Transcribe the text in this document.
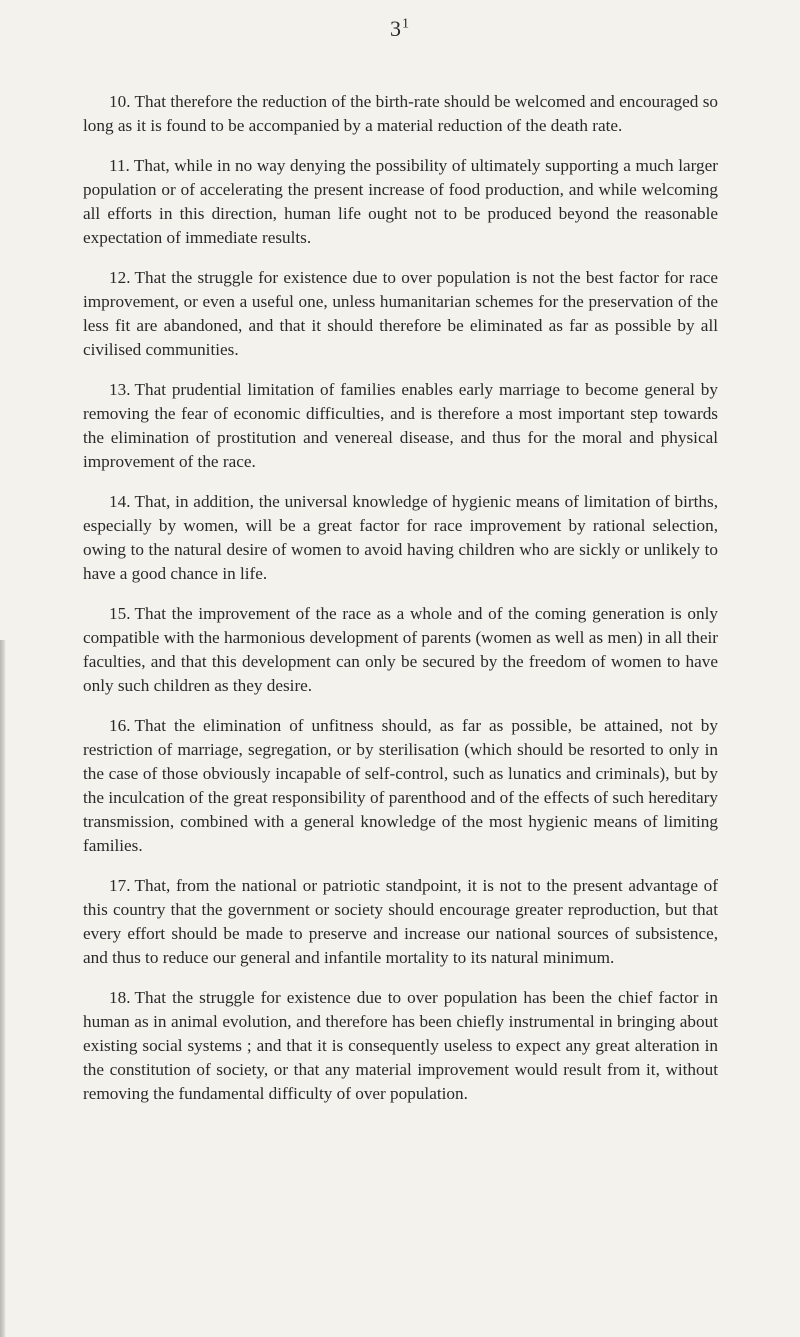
$3^1$

10. That therefore the reduction of the birth-rate should be welcomed and encouraged so long as it is found to be accompanied by a material reduction of the death rate.

11. That, while in no way denying the possibility of ultimately supporting a much larger population or of accelerating the present increase of food production, and while welcoming all efforts in this direction, human life ought not to be produced beyond the reasonable expectation of immediate results.

12. That the struggle for existence due to over population is not the best factor for race improvement, or even a useful one, unless humanitarian schemes for the preservation of the less fit are abandoned, and that it should therefore be eliminated as far as possible by all civilised communities.

13. That prudential limitation of families enables early marriage to become general by removing the fear of economic difficulties, and is therefore a most important step towards the elimination of prostitution and venereal disease, and thus for the moral and physical improvement of the race.

14. That, in addition, the universal knowledge of hygienic means of limitation of births, especially by women, will be a great factor for race improvement by rational selection, owing to the natural desire of women to avoid having children who are sickly or unlikely to have a good chance in life.

15. That the improvement of the race as a whole and of the coming generation is only compatible with the harmonious development of parents (women as well as men) in all their faculties, and that this development can only be secured by the freedom of women to have only such children as they desire.

16. That the elimination of unfitness should, as far as possible, be attained, not by restriction of marriage, segregation, or by sterilisation (which should be resorted to only in the case of those obviously incapable of self-control, such as lunatics and criminals), but by the inculcation of the great responsibility of parenthood and of the effects of such hereditary transmission, combined with a general knowledge of the most hygienic means of limiting families.

17. That, from the national or patriotic standpoint, it is not to the present advantage of this country that the government or society should encourage greater reproduction, but that every effort should be made to preserve and increase our national sources of subsistence, and thus to reduce our general and infantile mortality to its natural minimum.

18. That the struggle for existence due to over population has been the chief factor in human as in animal evolution, and therefore has been chiefly instrumental in bringing about existing social systems ; and that it is consequently useless to expect any great alteration in the constitution of society, or that any material improvement would result from it, without removing the fundamental difficulty of over population.
